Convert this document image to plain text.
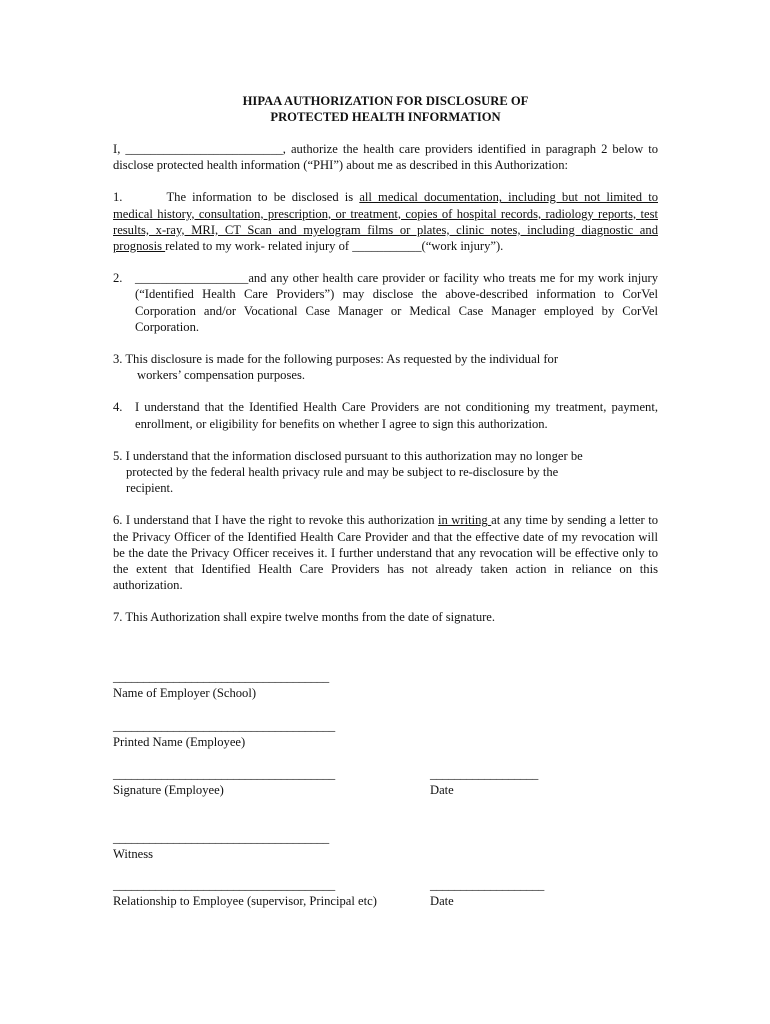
HIPAA AUTHORIZATION FOR DISCLOSURE OF
PROTECTED HEALTH INFORMATION

I, _________________________, authorize the health care providers identified in paragraph 2 below to disclose protected health information (“PHI”) about me as described in this Authorization:

1.	The information to be disclosed is all medical documentation, including but not limited to medical history, consultation, prescription, or treatment, copies of hospital records, radiology reports, test results, x-ray, MRI, CT Scan and myelogram films or plates, clinic notes, including diagnostic and prognosis related to my work- related injury of ___________(“work injury”).

2. __________________and any other health care provider or facility who treats me for my work injury (“Identified Health Care Providers”) may disclose the above-described information to CorVel Corporation and/or Vocational Case Manager or Medical Case Manager employed by CorVel Corporation.
3. This disclosure is made for the following purposes: As requested by the individual for
workers’ compensation purposes.
4. I understand that the Identified Health Care Providers are not conditioning my treatment, payment, enrollment, or eligibility for benefits on whether I agree to sign this authorization.
5. I understand that the information disclosed pursuant to this authorization may no longer be
protected by the federal health privacy rule and may be subject to re-disclosure by the
recipient.

6. I understand that I have the right to revoke this authorization in writing at any time by sending a letter to the Privacy Officer of the Identified Health Care Provider and that the effective date of my revocation will be the date the Privacy Officer receives it. I further understand that any revocation will be effective only to the extent that Identified Health Care Providers has not already taken action in reliance on this authorization.

7. This Authorization shall expire twelve months from the date of signature.

____________________________________
Name of Employer (School)
_____________________________________
Printed Name (Employee)
_____________________________________
Signature (Employee)
__________________
Date
____________________________________
Witness
_____________________________________
Relationship to Employee (supervisor, Principal etc)
___________________
Date
